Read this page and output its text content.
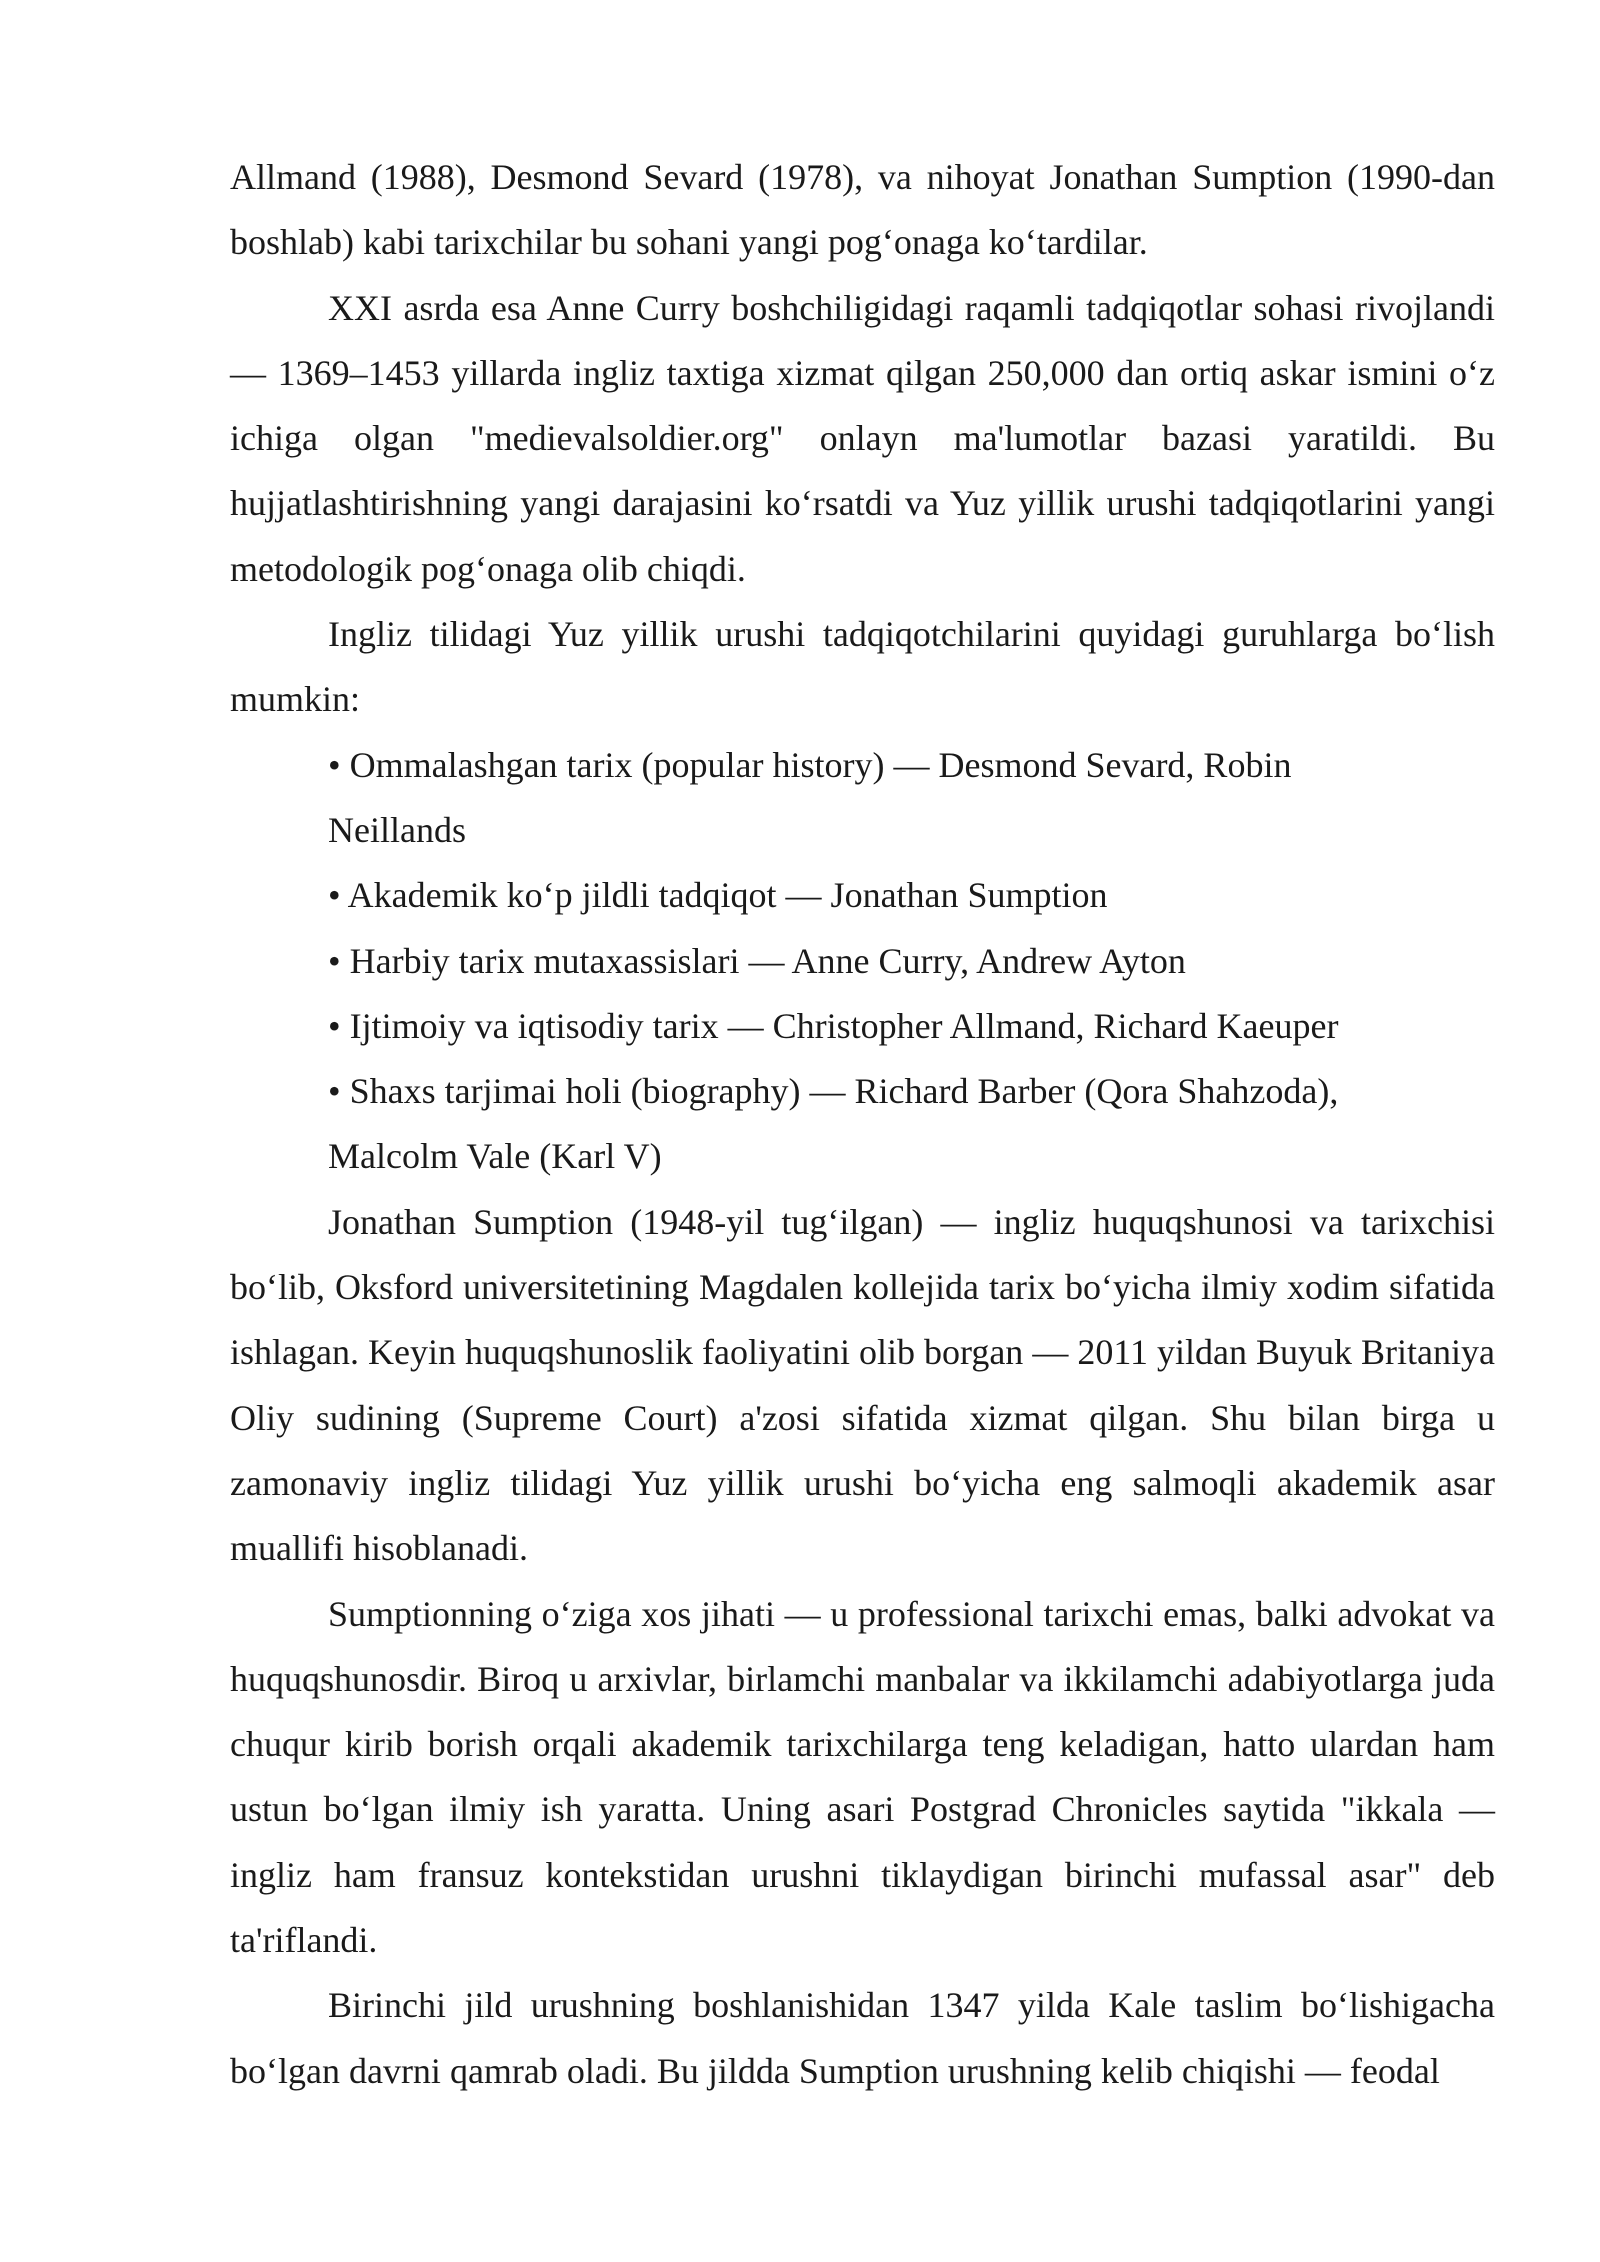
Allmand (1988), Desmond Sevard (1978), va nihoyat Jonathan Sumption (1990-dan boshlab) kabi tarixchilar bu sohani yangi pog‘onaga ko‘tardilar.

XXI asrda esa Anne Curry boshchiligidagi raqamli tadqiqotlar sohasi rivojlandi — 1369–1453 yillarda ingliz taxtiga xizmat qilgan 250,000 dan ortiq askar ismini o‘z ichiga olgan "medievalsoldier.org" onlayn ma'lumotlar bazasi yaratildi. Bu hujjatlashtirishning yangi darajasini ko‘rsatdi va Yuz yillik urushi tadqiqotlarini yangi metodologik pog‘onaga olib chiqdi.

Ingliz tilidagi Yuz yillik urushi tadqiqotchilarini quyidagi guruhlarga bo‘lish mumkin:

• Ommalashgan tarix (popular history) — Desmond Sevard, Robin
Neillands

• Akademik ko‘p jildli tadqiqot — Jonathan Sumption

• Harbiy tarix mutaxassislari — Anne Curry, Andrew Ayton

• Ijtimoiy va iqtisodiy tarix — Christopher Allmand, Richard Kaeuper

• Shaxs tarjimai holi (biography) — Richard Barber (Qora Shahzoda),
Malcolm Vale (Karl V)

Jonathan Sumption (1948-yil tug‘ilgan) — ingliz huquqshunosi va tarixchisi bo‘lib, Oksford universitetining Magdalen kollejida tarix bo‘yicha ilmiy xodim sifatida ishlagan. Keyin huquqshunoslik faoliyatini olib borgan — 2011 yildan Buyuk Britaniya Oliy sudining (Supreme Court) a'zosi sifatida xizmat qilgan. Shu bilan birga u zamonaviy ingliz tilidagi Yuz yillik urushi bo‘yicha eng salmoqli akademik asar muallifi hisoblanadi.

Sumptionning o‘ziga xos jihati — u professional tarixchi emas, balki advokat va huquqshunosdir. Biroq u arxivlar, birlamchi manbalar va ikkilamchi adabiyotlarga juda chuqur kirib borish orqali akademik tarixchilarga teng keladigan, hatto ulardan ham ustun bo‘lgan ilmiy ish yaratta. Uning asari Postgrad Chronicles saytida "ikkala — ingliz ham fransuz kontekstidan urushni tiklaydigan birinchi mufassal asar" deb ta'riflandi.

Birinchi jild urushning boshlanishidan 1347 yilda Kale taslim bo‘lishigacha bo‘lgan davrni qamrab oladi. Bu jildda Sumption urushning kelib chiqishi — feodal
